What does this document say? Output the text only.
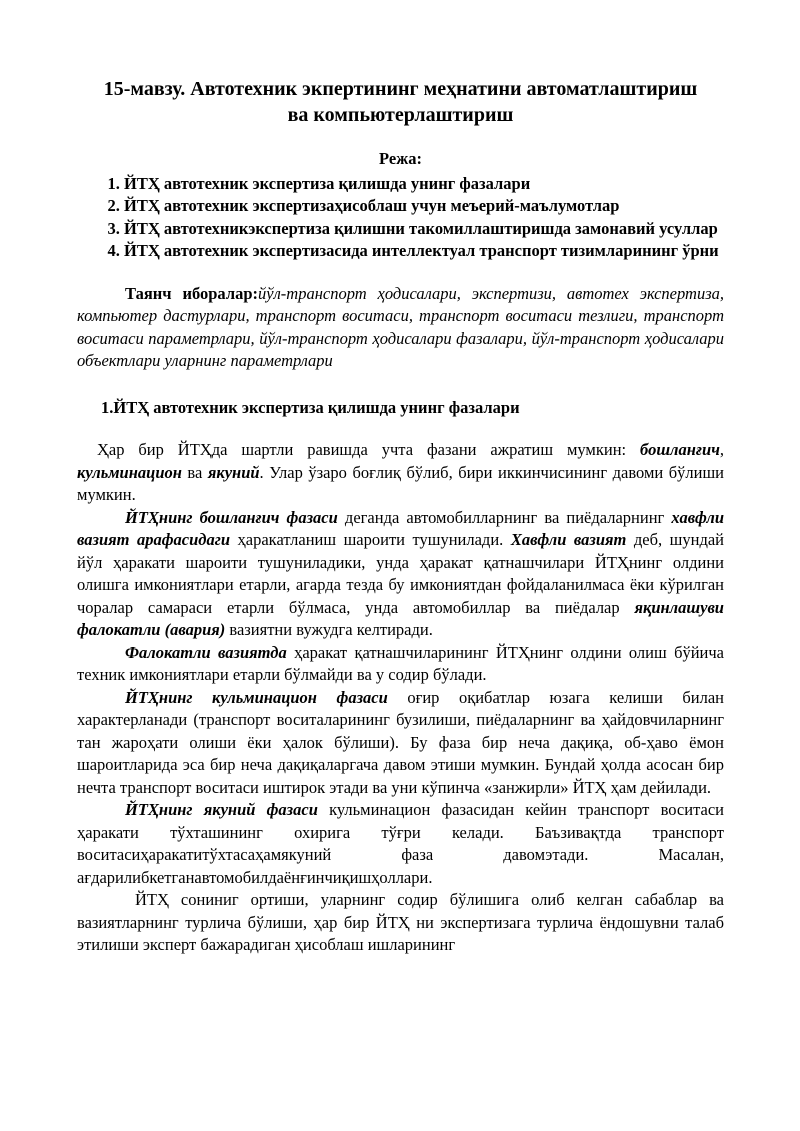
15-мавзу. Автотехник экпертининг меҳнатини автоматлаштириш
ва компьютерлаштириш
Режа:
1. ЙТҲ автотехник экспертиза қилишда унинг фазалари
2. ЙТҲ автотехник экспертизаҳисоблаш учун меъерий-маълумотлар
3. ЙТҲ автотехникэкспертиза қилишни такомиллаштиришда замонавий усуллар
4. ЙТҲ автотехник экспертизасида интеллектуал транспорт тизимларининг ўрни
Таянч иборалар:йўл-транспорт ҳодисалари, экспертизи, автотех экспертиза, компьютер дастурлари, транспорт воситаси, транспорт воситаси тезлиги, транспорт воситаси параметрлари, йўл-транспорт ҳодисалари фазалари, йўл-транспорт ҳодисалари объектлари уларнинг параметрлари
1.ЙТҲ автотехник экспертиза қилишда унинг фазалари

Ҳар бир ЙТҲда шартли равишда учта фазани ажратиш мумкин: бошланғич, кульминацион ва якуний. Улар ўзаро боғлиқ бўлиб, бири иккинчисининг давоми бўлиши мумкин.

ЙТҲнинг бошланғич фазаси деганда автомобилларнинг ва пиёдаларнинг хавфли вазият арафасидаги ҳаракатланиш шароити тушунилади. Хавфли вазият деб, шундай йўл ҳаракати шароити тушуниладики, унда ҳаракат қатнашчилари ЙТҲнинг олдини олишга имкониятлари етарли, агарда тезда бу имкониятдан фойдаланилмаса ёки кўрилган чоралар самараси етарли бўлмаса, унда автомобиллар ва пиёдалар яқинлашуви фалокатли (авария) вазиятни вужудга келтиради.

Фалокатли вазиятда ҳаракат қатнашчиларининг ЙТҲнинг олдини олиш бўйича техник имкониятлари етарли бўлмайди ва у содир бўлади.

ЙТҲнинг кульминацион фазаси оғир оқибатлар юзага келиши билан характерланади (транспорт воситаларининг бузилиши, пиёдаларнинг ва ҳайдовчиларнинг тан жароҳати олиши ёки ҳалок бўлиши). Бу фаза бир неча дақиқа, об-ҳаво ёмон шароитларида эса бир неча дақиқаларгача давом этиши мумкин. Бундай ҳолда асосан бир нечта транспорт воситаси иштирок этади ва уни кўпинча «занжирли» ЙТҲ ҳам дейилади.

ЙТҲнинг якуний фазаси кульминацион фазасидан кейин транспорт воситаси ҳаракати тўхташининг охирига тўғри келади. Баъзивақтда транспорт воситасиҳаракатитўхтасаҳамякуний фаза давомэтади. Масалан, ағдарилибкетганавтомобилдаёнғинчиқишҳоллари.

ЙТҲ сониниг ортиши, уларнинг содир бўлишига олиб келган сабаблар ва вазиятларнинг турлича бўлиши, ҳар бир ЙТҲ ни экспертизага турлича ёндошувни талаб этилиши эксперт бажарадиган ҳисоблаш ишларининг
